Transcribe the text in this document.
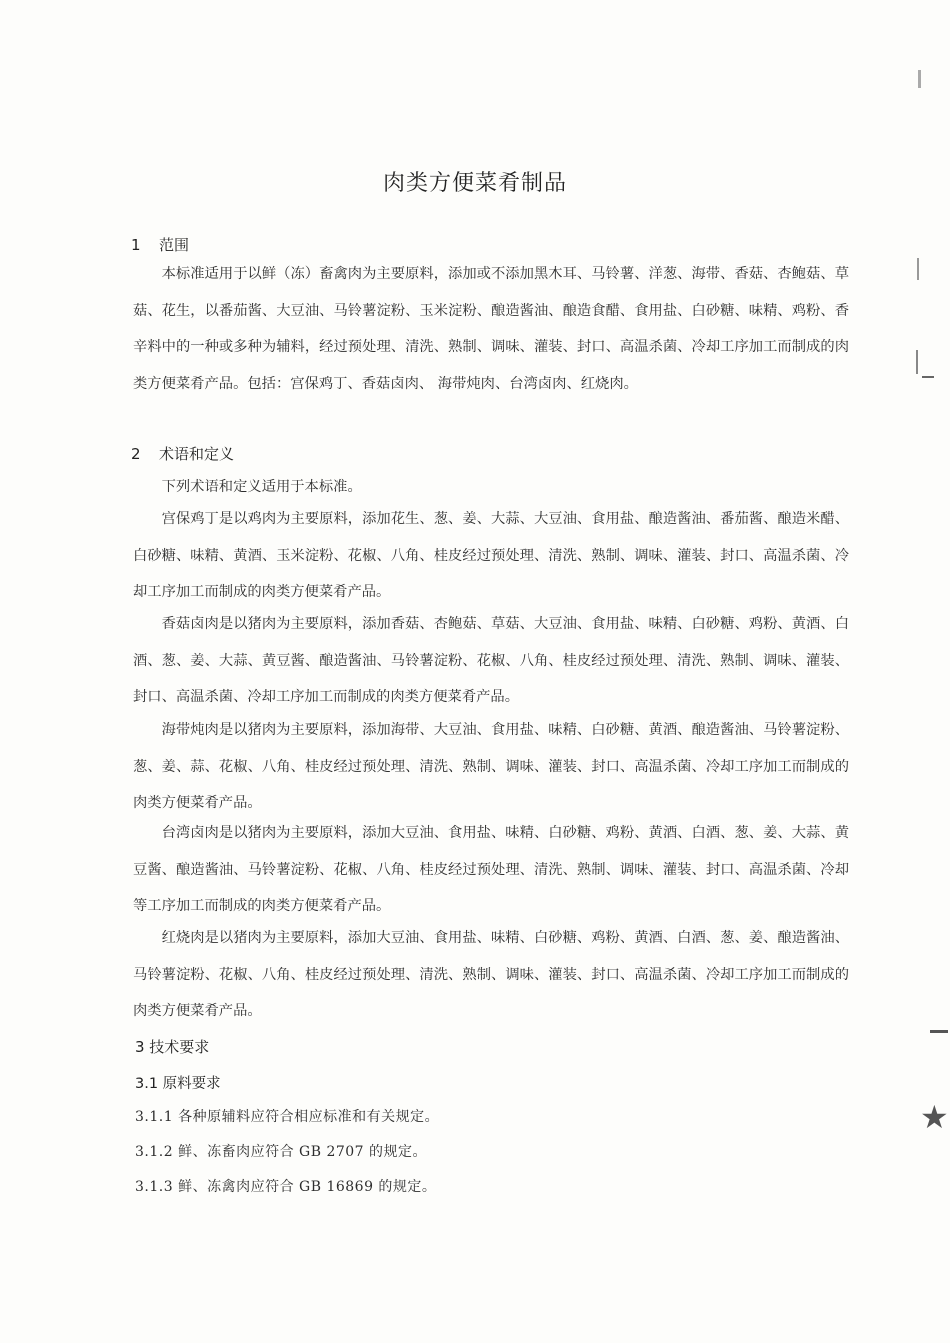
肉类方便菜肴制品
1 范围
本标准适用于以鲜（冻）畜禽肉为主要原料，添加或不添加黑木耳、马铃薯、洋葱、海带、香菇、杏鲍菇、草菇、花生，以番茄酱、大豆油、马铃薯淀粉、玉米淀粉、酿造酱油、酿造食醋、食用盐、白砂糖、味精、鸡粉、香辛料中的一种或多种为辅料，经过预处理、清洗、熟制、调味、灌装、封口、高温杀菌、冷却工序加工而制成的肉类方便菜肴产品。包括：宫保鸡丁、香菇卤肉、 海带炖肉、台湾卤肉、红烧肉。
2 术语和定义
下列术语和定义适用于本标准。
宫保鸡丁是以鸡肉为主要原料，添加花生、葱、姜、大蒜、大豆油、食用盐、酿造酱油、番茄酱、酿造米醋、白砂糖、味精、黄酒、玉米淀粉、花椒、八角、桂皮经过预处理、清洗、熟制、调味、灌装、封口、高温杀菌、冷却工序加工而制成的肉类方便菜肴产品。
香菇卤肉是以猪肉为主要原料，添加香菇、杏鲍菇、草菇、大豆油、食用盐、味精、白砂糖、鸡粉、黄酒、白酒、葱、姜、大蒜、黄豆酱、酿造酱油、马铃薯淀粉、花椒、八角、桂皮经过预处理、清洗、熟制、调味、灌装、封口、高温杀菌、冷却工序加工而制成的肉类方便菜肴产品。
海带炖肉是以猪肉为主要原料，添加海带、大豆油、食用盐、味精、白砂糖、黄酒、酿造酱油、马铃薯淀粉、葱、姜、蒜、花椒、八角、桂皮经过预处理、清洗、熟制、调味、灌装、封口、高温杀菌、冷却工序加工而制成的肉类方便菜肴产品。
台湾卤肉是以猪肉为主要原料，添加大豆油、食用盐、味精、白砂糖、鸡粉、黄酒、白酒、葱、姜、大蒜、黄豆酱、酿造酱油、马铃薯淀粉、花椒、八角、桂皮经过预处理、清洗、熟制、调味、灌装、封口、高温杀菌、冷却等工序加工而制成的肉类方便菜肴产品。
红烧肉是以猪肉为主要原料，添加大豆油、食用盐、味精、白砂糖、鸡粉、黄酒、白酒、葱、姜、酿造酱油、马铃薯淀粉、花椒、八角、桂皮经过预处理、清洗、熟制、调味、灌装、封口、高温杀菌、冷却工序加工而制成的肉类方便菜肴产品。
3 技术要求
3.1 原料要求
3.1.1 各种原辅料应符合相应标准和有关规定。
3.1.2 鲜、冻畜肉应符合 GB 2707 的规定。
3.1.3 鲜、冻禽肉应符合 GB 16869 的规定。
★
